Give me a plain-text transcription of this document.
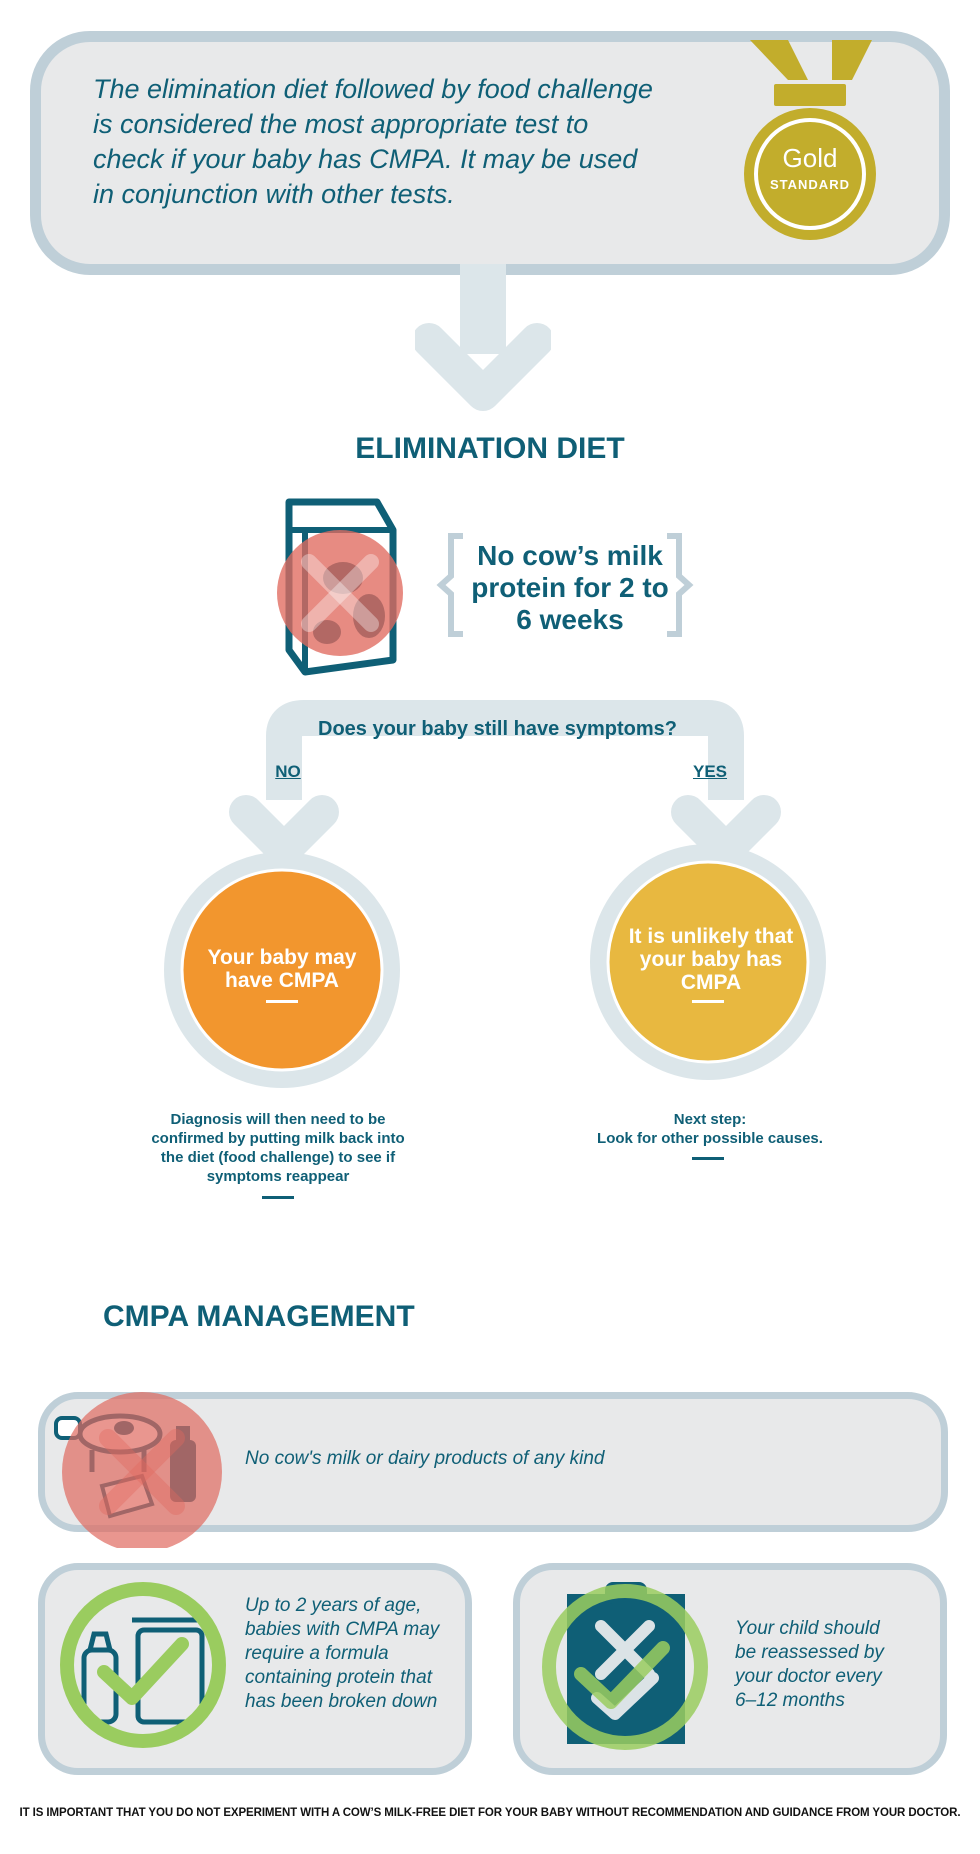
The elimination diet followed by food challenge is considered the most appropriate test to check if your baby has CMPA. It may be used in conjunction with other tests.
Gold
STANDARD
ELIMINATION DIET
No cow’s milk protein for 2 to 6 weeks
Does your baby still have symptoms?
NO	YES
Your baby may have CMPA
It is unlikely that your baby has CMPA
Diagnosis will then need to be confirmed by putting milk back into the diet (food challenge) to see if symptoms reappear
Next step:
Look for other possible causes.
CMPA MANAGEMENT
No cow's milk or dairy products of any kind
Up to 2 years of age, babies with CMPA may require a formula containing protein that has been broken down
Your child should be reassessed by your doctor every 6–12 months
IT IS IMPORTANT THAT YOU DO NOT EXPERIMENT WITH A COW’S MILK-FREE DIET FOR YOUR BABY WITHOUT RECOMMENDATION AND GUIDANCE FROM YOUR DOCTOR.
